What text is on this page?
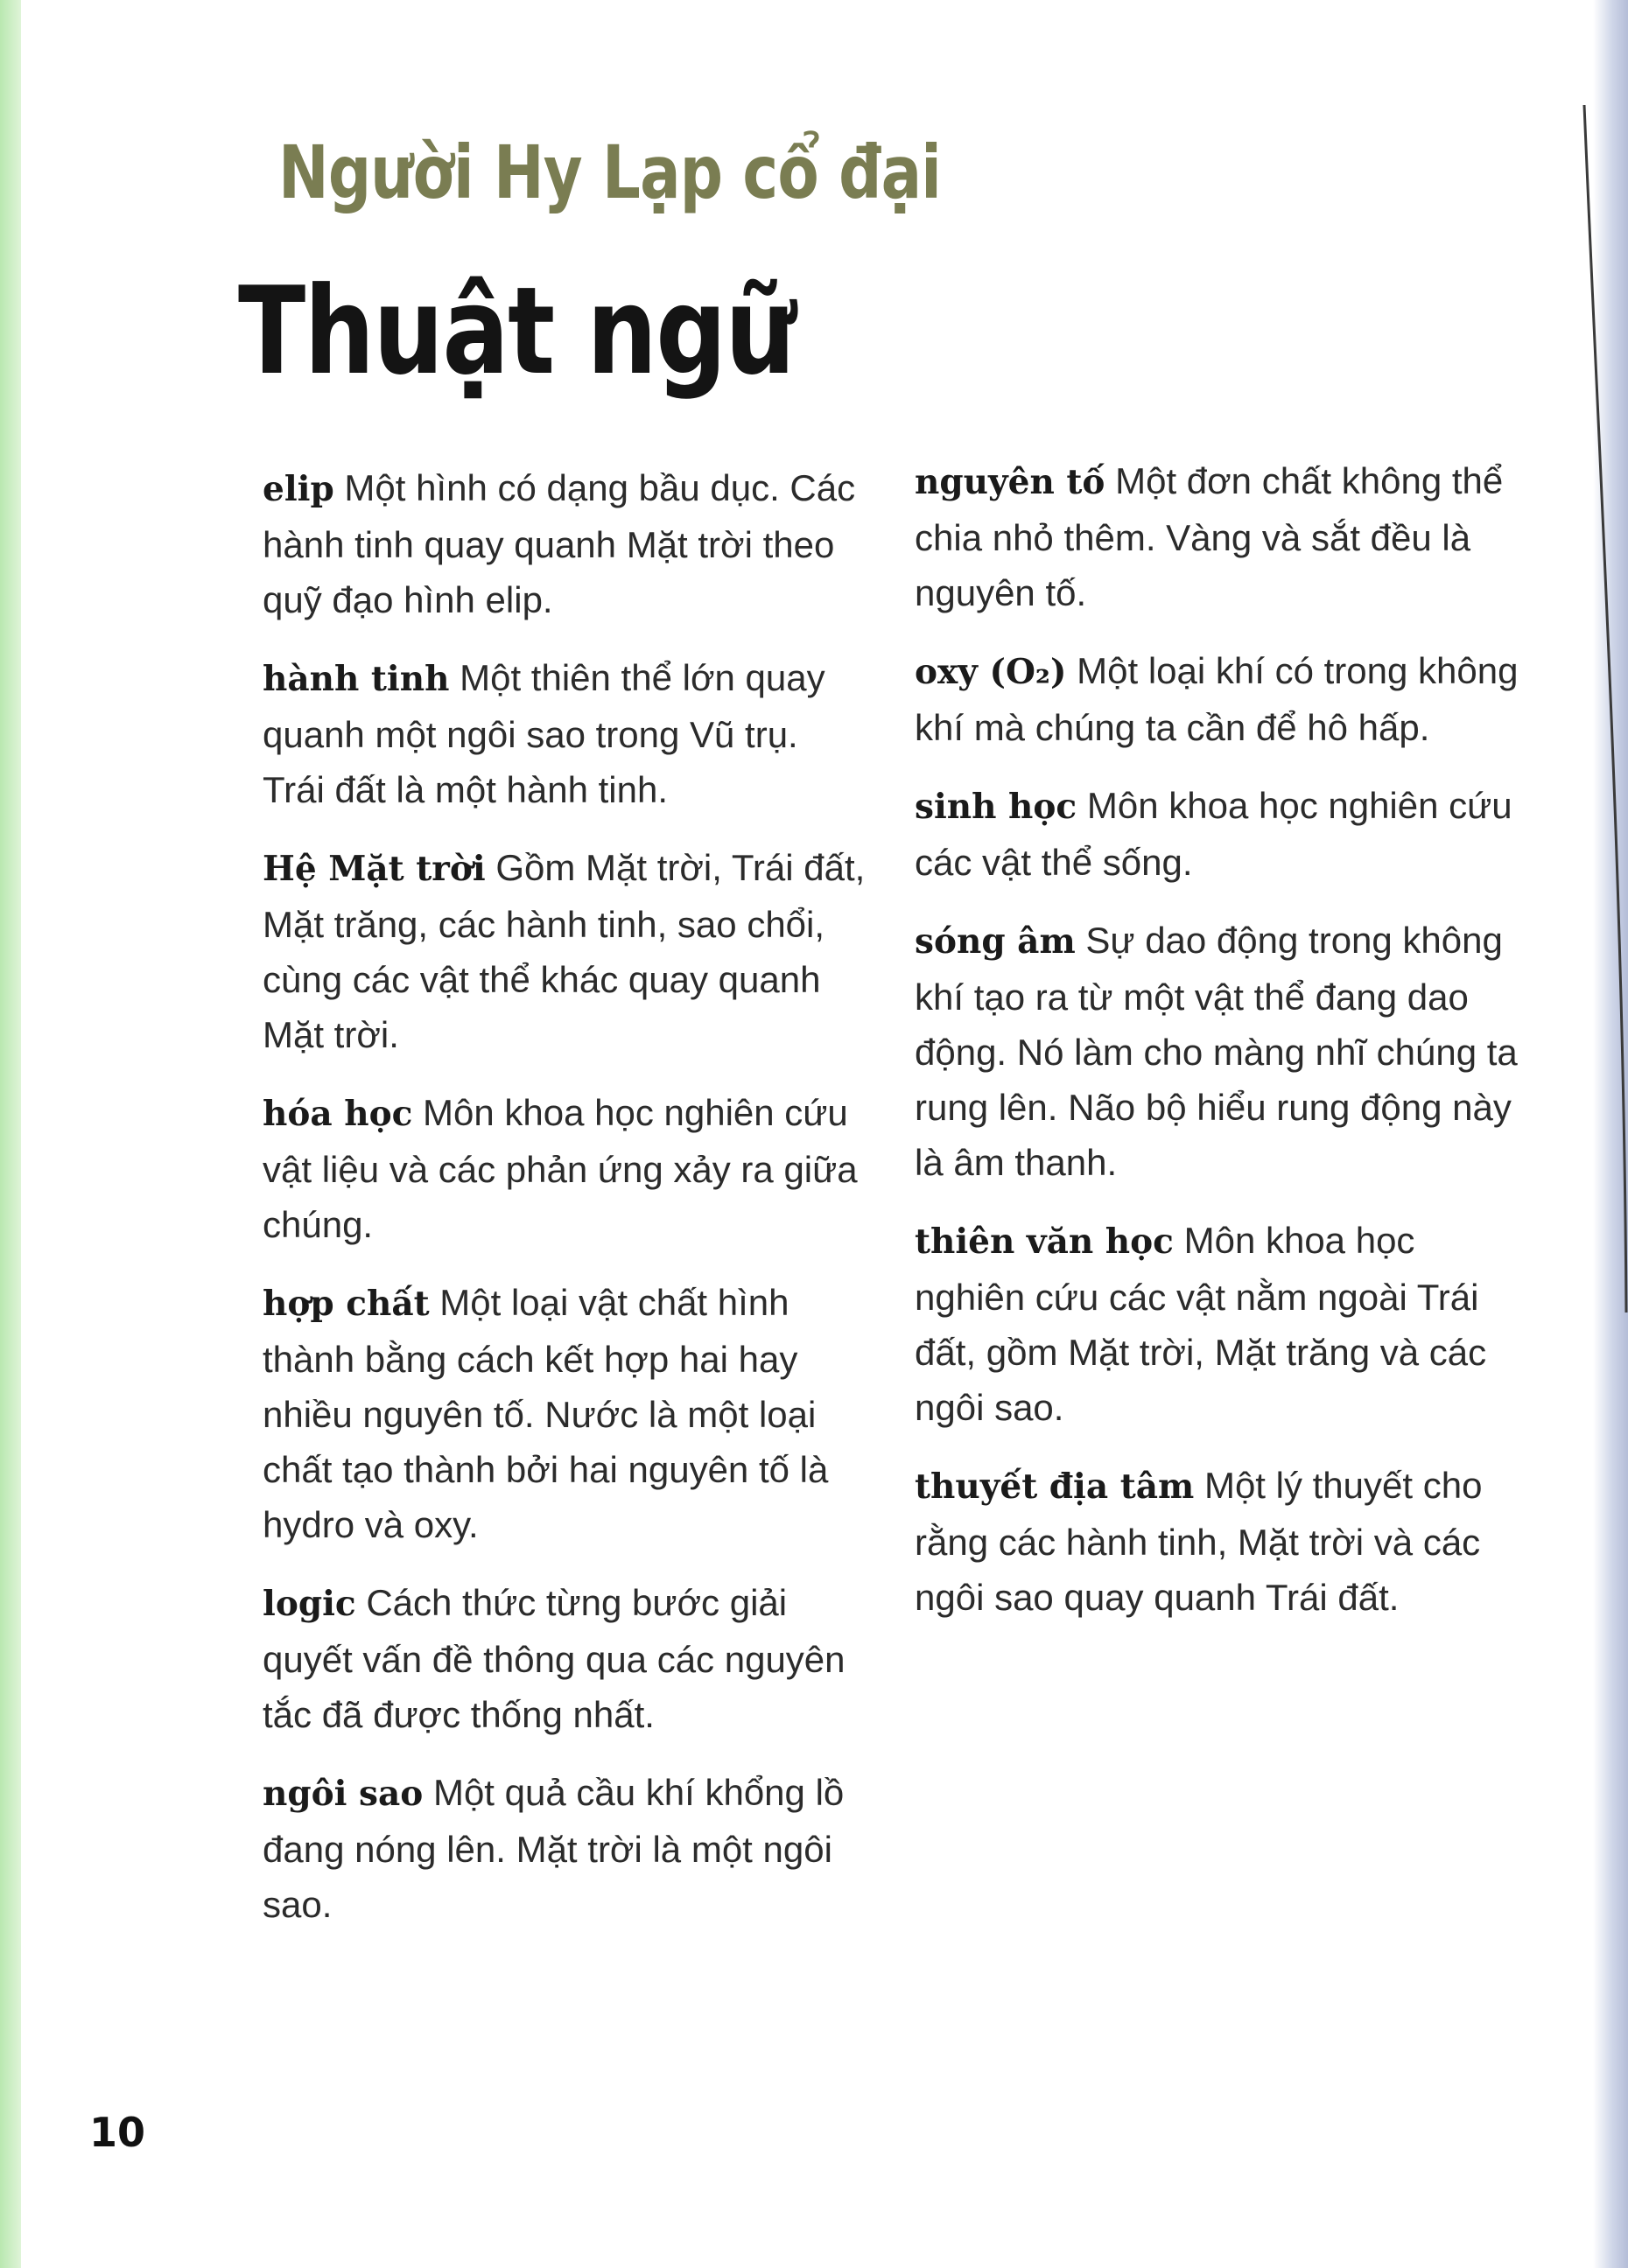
Người Hy Lạp cổ đại
Thuật ngữ

elip Một hình có dạng bầu dục. Các hành tinh quay quanh Mặt trời theo quỹ đạo hình elip.

hành tinh Một thiên thể lớn quay quanh một ngôi sao trong Vũ trụ. Trái đất là một hành tinh.

Hệ Mặt trời Gồm Mặt trời, Trái đất, Mặt trăng, các hành tinh, sao chổi, cùng các vật thể khác quay quanh Mặt trời.

hóa học Môn khoa học nghiên cứu vật liệu và các phản ứng xảy ra giữa chúng.

hợp chất Một loại vật chất hình thành bằng cách kết hợp hai hay nhiều nguyên tố. Nước là một loại chất tạo thành bởi hai nguyên tố là hydro và oxy.

logic Cách thức từng bước giải quyết vấn đề thông qua các nguyên tắc đã được thống nhất.

ngôi sao Một quả cầu khí khổng lồ đang nóng lên. Mặt trời là một ngôi sao.

nguyên tố Một đơn chất không thể chia nhỏ thêm. Vàng và sắt đều là nguyên tố.

oxy (O₂) Một loại khí có trong không khí mà chúng ta cần để hô hấp.

sinh học Môn khoa học nghiên cứu các vật thể sống.

sóng âm Sự dao động trong không khí tạo ra từ một vật thể đang dao động. Nó làm cho màng nhĩ chúng ta rung lên. Não bộ hiểu rung động này là âm thanh.

thiên văn học Môn khoa học nghiên cứu các vật nằm ngoài Trái đất, gồm Mặt trời, Mặt trăng và các ngôi sao.

thuyết địa tâm Một lý thuyết cho rằng các hành tinh, Mặt trời và các ngôi sao quay quanh Trái đất.

10
